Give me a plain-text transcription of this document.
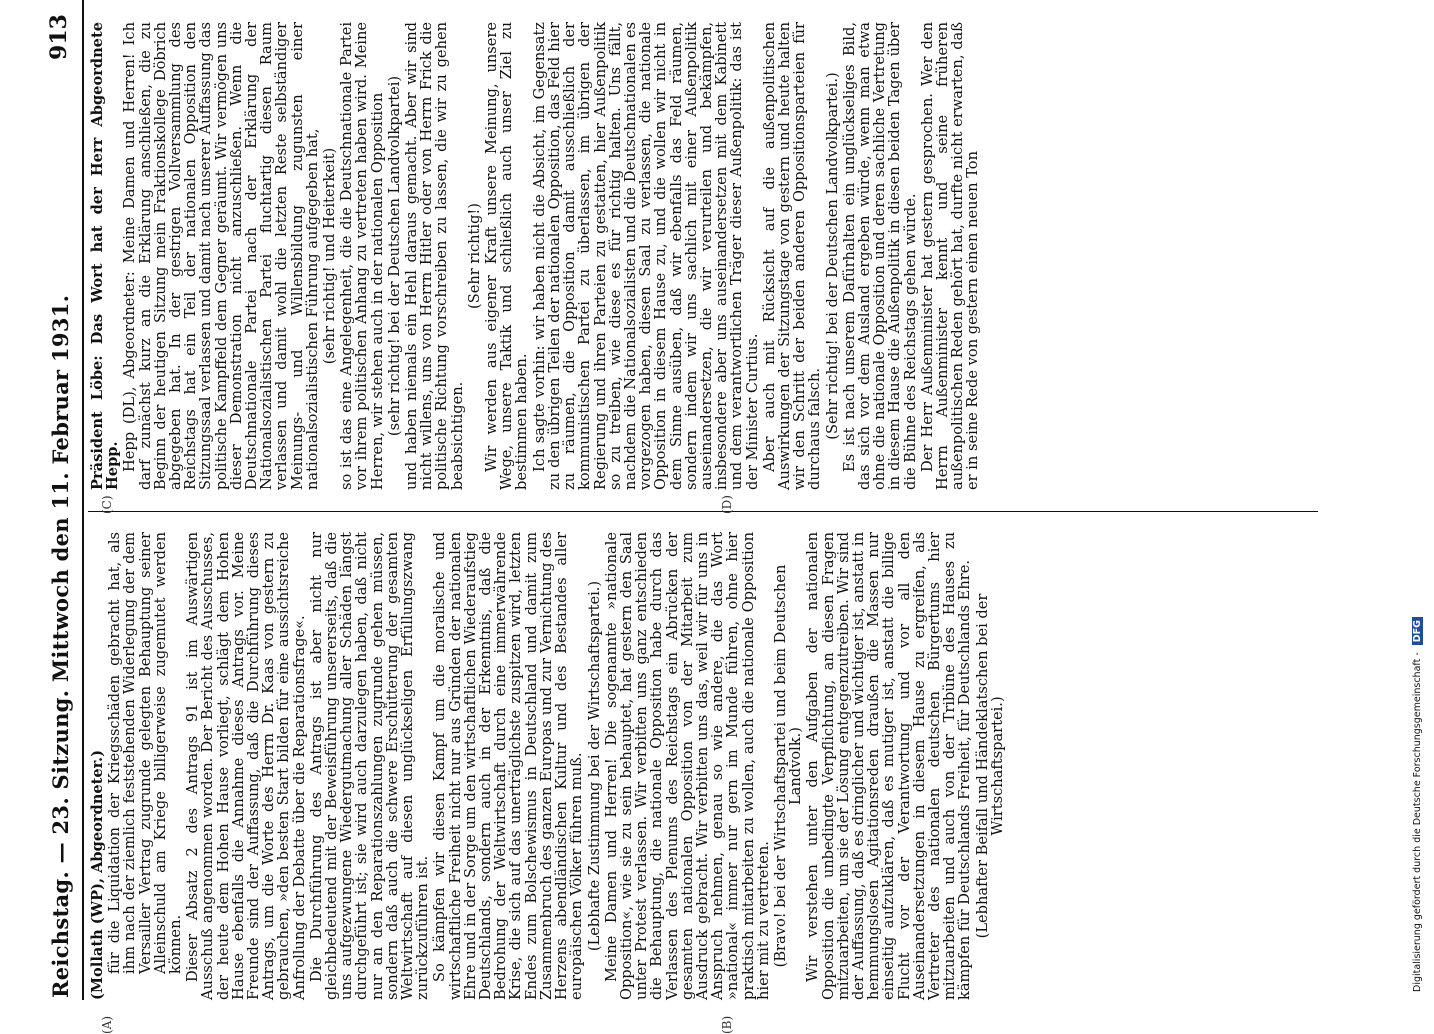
Reichstag. — 23. Sitzung. Mittwoch den 11. Februar 1931.
913
(A)	(B)
(C)	(D)

(Mollath (WP), Abgeordneter.) für die Liquidation der Kriegsschäden gebracht hat, als ihm nach der ziemlich feststehenden Widerlegung der dem Versailler Vertrag zugrunde gelegten Behauptung seiner Alleinschuld am Kriege billigerweise zugemutet werden können. Dieser Absatz 2 des Antrags 91 ist im Auswärtigen Ausschuß angenommen worden. Der Bericht des Ausschusses, der heute dem Hohen Hause vorliegt, schlägt dem Hohen Hause ebenfalls die Annahme dieses Antrags vor. Meine Freunde sind der Auffassung, daß die Durchführung dieses Antrags, um die Worte des Herrn Dr. Kaas von gestern zu gebrauchen, »den besten Start bilden für eine aussichtsreiche Anfrollung der Debatte über die Reparationsfrage«. Die Durchführung des Antrags ist aber nicht nur gleichbedeutend mit der Beweisführung unsererseits, daß die uns aufgezwungene Wiedergutmachung aller Schäden längst durchgeführt ist; sie wird auch darzulegen haben, daß nicht nur an den Reparationszahlungen zugrunde gehen müssen, sondern daß auch die schwere Erschütterung der gesamten Weltwirtschaft auf diesen unglückseligen Erfüllungszwang zurückzuführen ist. So kämpfen wir diesen Kampf um die moralische und wirtschaftliche Freiheit nicht nur aus Gründen der nationalen Ehre und in der Sorge um den wirtschaftlichen Wiederaufstieg Deutschlands, sondern auch in der Erkenntnis, daß die Bedrohung der Weltwirtschaft durch eine immerwährende Krise, die sich auf das unerträglichste zuspitzen wird, letzten Endes zum Bolschewismus in Deutschland und damit zum Zusammenbruch des ganzen Europas und zur Vernichtung des Herzens abendländischen Kultur und des Bestandes aller europäischen Völker führen muß. (Lebhafte Zustimmung bei der Wirtschaftspartei.) Meine Damen und Herren! Die sogenannte »nationale Opposition«, wie sie zu sein behauptet, hat gestern den Saal unter Protest verlassen. Wir verbitten uns ganz entschieden die Behauptung, die nationale Opposition habe durch das Verlassen des Plenums des Reichstags ein Abrücken der gesamten nationalen Opposition von der Mitarbeit zum Ausdruck gebracht. Wir verbitten uns das, weil wir für uns in Anspruch nehmen, genau so wie andere, die das Wort »national« immer nur gern im Munde führen, ohne hier praktisch mitarbeiten zu wollen, auch die nationale Opposition hier mit zu vertreten. (Bravo! bei der Wirtschaftspartei und beim Deutschen Landvolk.) Wir verstehen unter den Aufgaben der nationalen Opposition die unbedingte Verpflichtung, an diesen Fragen mitzuarbeiten, um sie der Lösung entgegenzutreiben. Wir sind der Auffassung, daß es dringlicher und wichtiger ist, anstatt in hemmungslosen Agitationsreden draußen die Massen nur einseitig aufzuklären, daß es mutiger ist, anstatt die billige Flucht vor der Verantwortung und vor all den Auseinandersetzungen in diesem Hause zu ergreifen, als Vertreter des nationalen deutschen Bürgertums hier mitzuarbeiten und auch von der Tribüne des Hauses zu kämpfen für Deutschlands Freiheit, für Deutschlands Ehre. (Lebhafter Beifall und Händeklatschen bei der Wirtschaftspartei.)

Präsident Löbe: Das Wort hat der Herr Abgeordnete Hepp. Hepp (DL), Abgeordneter: Meine Damen und Herren! Ich darf zunächst kurz an die Erklärung anschließen, die zu Beginn der heutigen Sitzung mein Fraktionskollege Döbrich abgegeben hat. In der gestrigen Vollversammlung des Reichstags hat ein Teil der nationalen Opposition den Sitzungssaal verlassen und damit nach unserer Auffassung das politische Kampffeld dem Gegner geräumt. Wir vermögen uns dieser Demonstration nicht anzuschließen. Wenn die Deutschnationale Partei nach der Erklärung der Nationalsozialistischen Partei fluchtartig diesen Raum verlassen und damit wohl die letzten Reste selbständiger Meinungs- und Willensbildung zugunsten einer nationalsozialistischen Führung aufgegeben hat, (sehr richtig! und Heiterkeit) so ist das eine Angelegenheit, die die Deutschnationale Partei vor ihrem politischen Anhang zu vertreten haben wird. Meine Herren, wir stehen auch in der nationalen Opposition (sehr richtig! bei der Deutschen Landvolkpartei) und haben niemals ein Hehl daraus gemacht. Aber wir sind nicht willens, uns von Herrn Hitler oder von Herrn Frick die politische Richtung vorschreiben zu lassen, die wir zu gehen beabsichtigen.

(Sehr richtig!) Wir werden aus eigener Kraft unsere Meinung, unsere Wege, unsere Taktik und schließlich auch unser Ziel zu bestimmen haben. Ich sagte vorhin: wir haben nicht die Absicht, im Gegensatz zu den übrigen Teilen der nationalen Opposition, das Feld hier zu räumen, die Opposition damit ausschließlich der kommunistischen Partei zu überlassen, im übrigen der Regierung und ihren Parteien zu gestatten, hier Außenpolitik so zu treiben, wie diese es für richtig halten. Uns fällt, nachdem die Nationalsozialisten und die Deutschnationalen es vorgezogen haben, diesen Saal zu verlassen, die nationale Opposition in diesem Hause zu, und die wollen wir nicht in dem Sinne ausüben, daß wir ebenfalls das Feld räumen, sondern indem wir uns sachlich mit einer Außenpolitik auseinandersetzen, die wir verurteilen und bekämpfen, insbesondere aber uns auseinandersetzen mit dem Kabinett und dem verantwortlichen Träger dieser Außenpolitik: das ist der Minister Curtius. Aber auch mit Rücksicht auf die außenpolitischen Auswirkungen der Sitzungstage von gestern und heute halten wir den Schritt der beiden anderen Oppositionsparteien für durchaus falsch. (Sehr richtig! bei der Deutschen Landvolkpartei.) Es ist nach unserem Dafürhalten ein unglückseliges Bild, das sich vor dem Ausland ergeben würde, wenn man etwa ohne die nationale Opposition und deren sachliche Vertretung in diesem Hause die Außenpolitik in diesen beiden Tagen über die Bühne des Reichstags gehen würde. Der Herr Außenminister hat gestern gesprochen. Wer den Herrn Außenminister kennt und seine früheren außenpolitischen Reden gehört hat, durfte nicht erwarten, daß er in seine Rede von gestern einen neuen Ton

Digitalisierung gefördert durch die Deutsche Forschungsgemeinschaft - DFG
